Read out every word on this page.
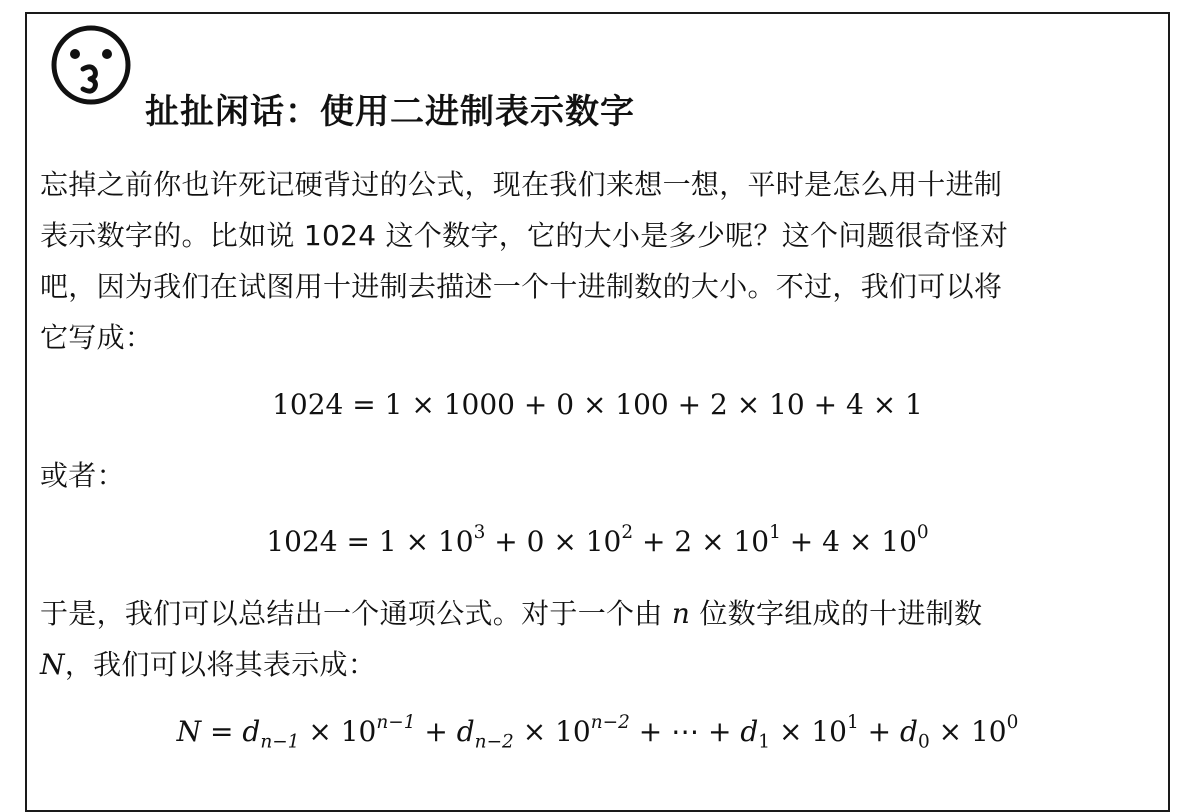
扯扯闲话：使用二进制表示数字
忘掉之前你也许死记硬背过的公式，现在我们来想一想，平时是怎么用十进制
表示数字的。比如说 1024 这个数字，它的大小是多少呢？这个问题很奇怪对
吧，因为我们在试图用十进制去描述一个十进制数的大小。不过，我们可以将
它写成：
1024 = 1 × 1000 + 0 × 100 + 2 × 10 + 4 × 1
或者：
$1024 = 1 \times 10^3 + 0 \times 10^2 + 2 \times 10^1 + 4 \times 10^0$
于是，我们可以总结出一个通项公式。对于一个由 n 位数字组成的十进制数
N，我们可以将其表示成：
$N = d_{n-1} \times 10^{n-1} + d_{n-2} \times 10^{n-2}$ + ⋯ + $d_1 \times 10^1 + d_0 \times 10^0$
